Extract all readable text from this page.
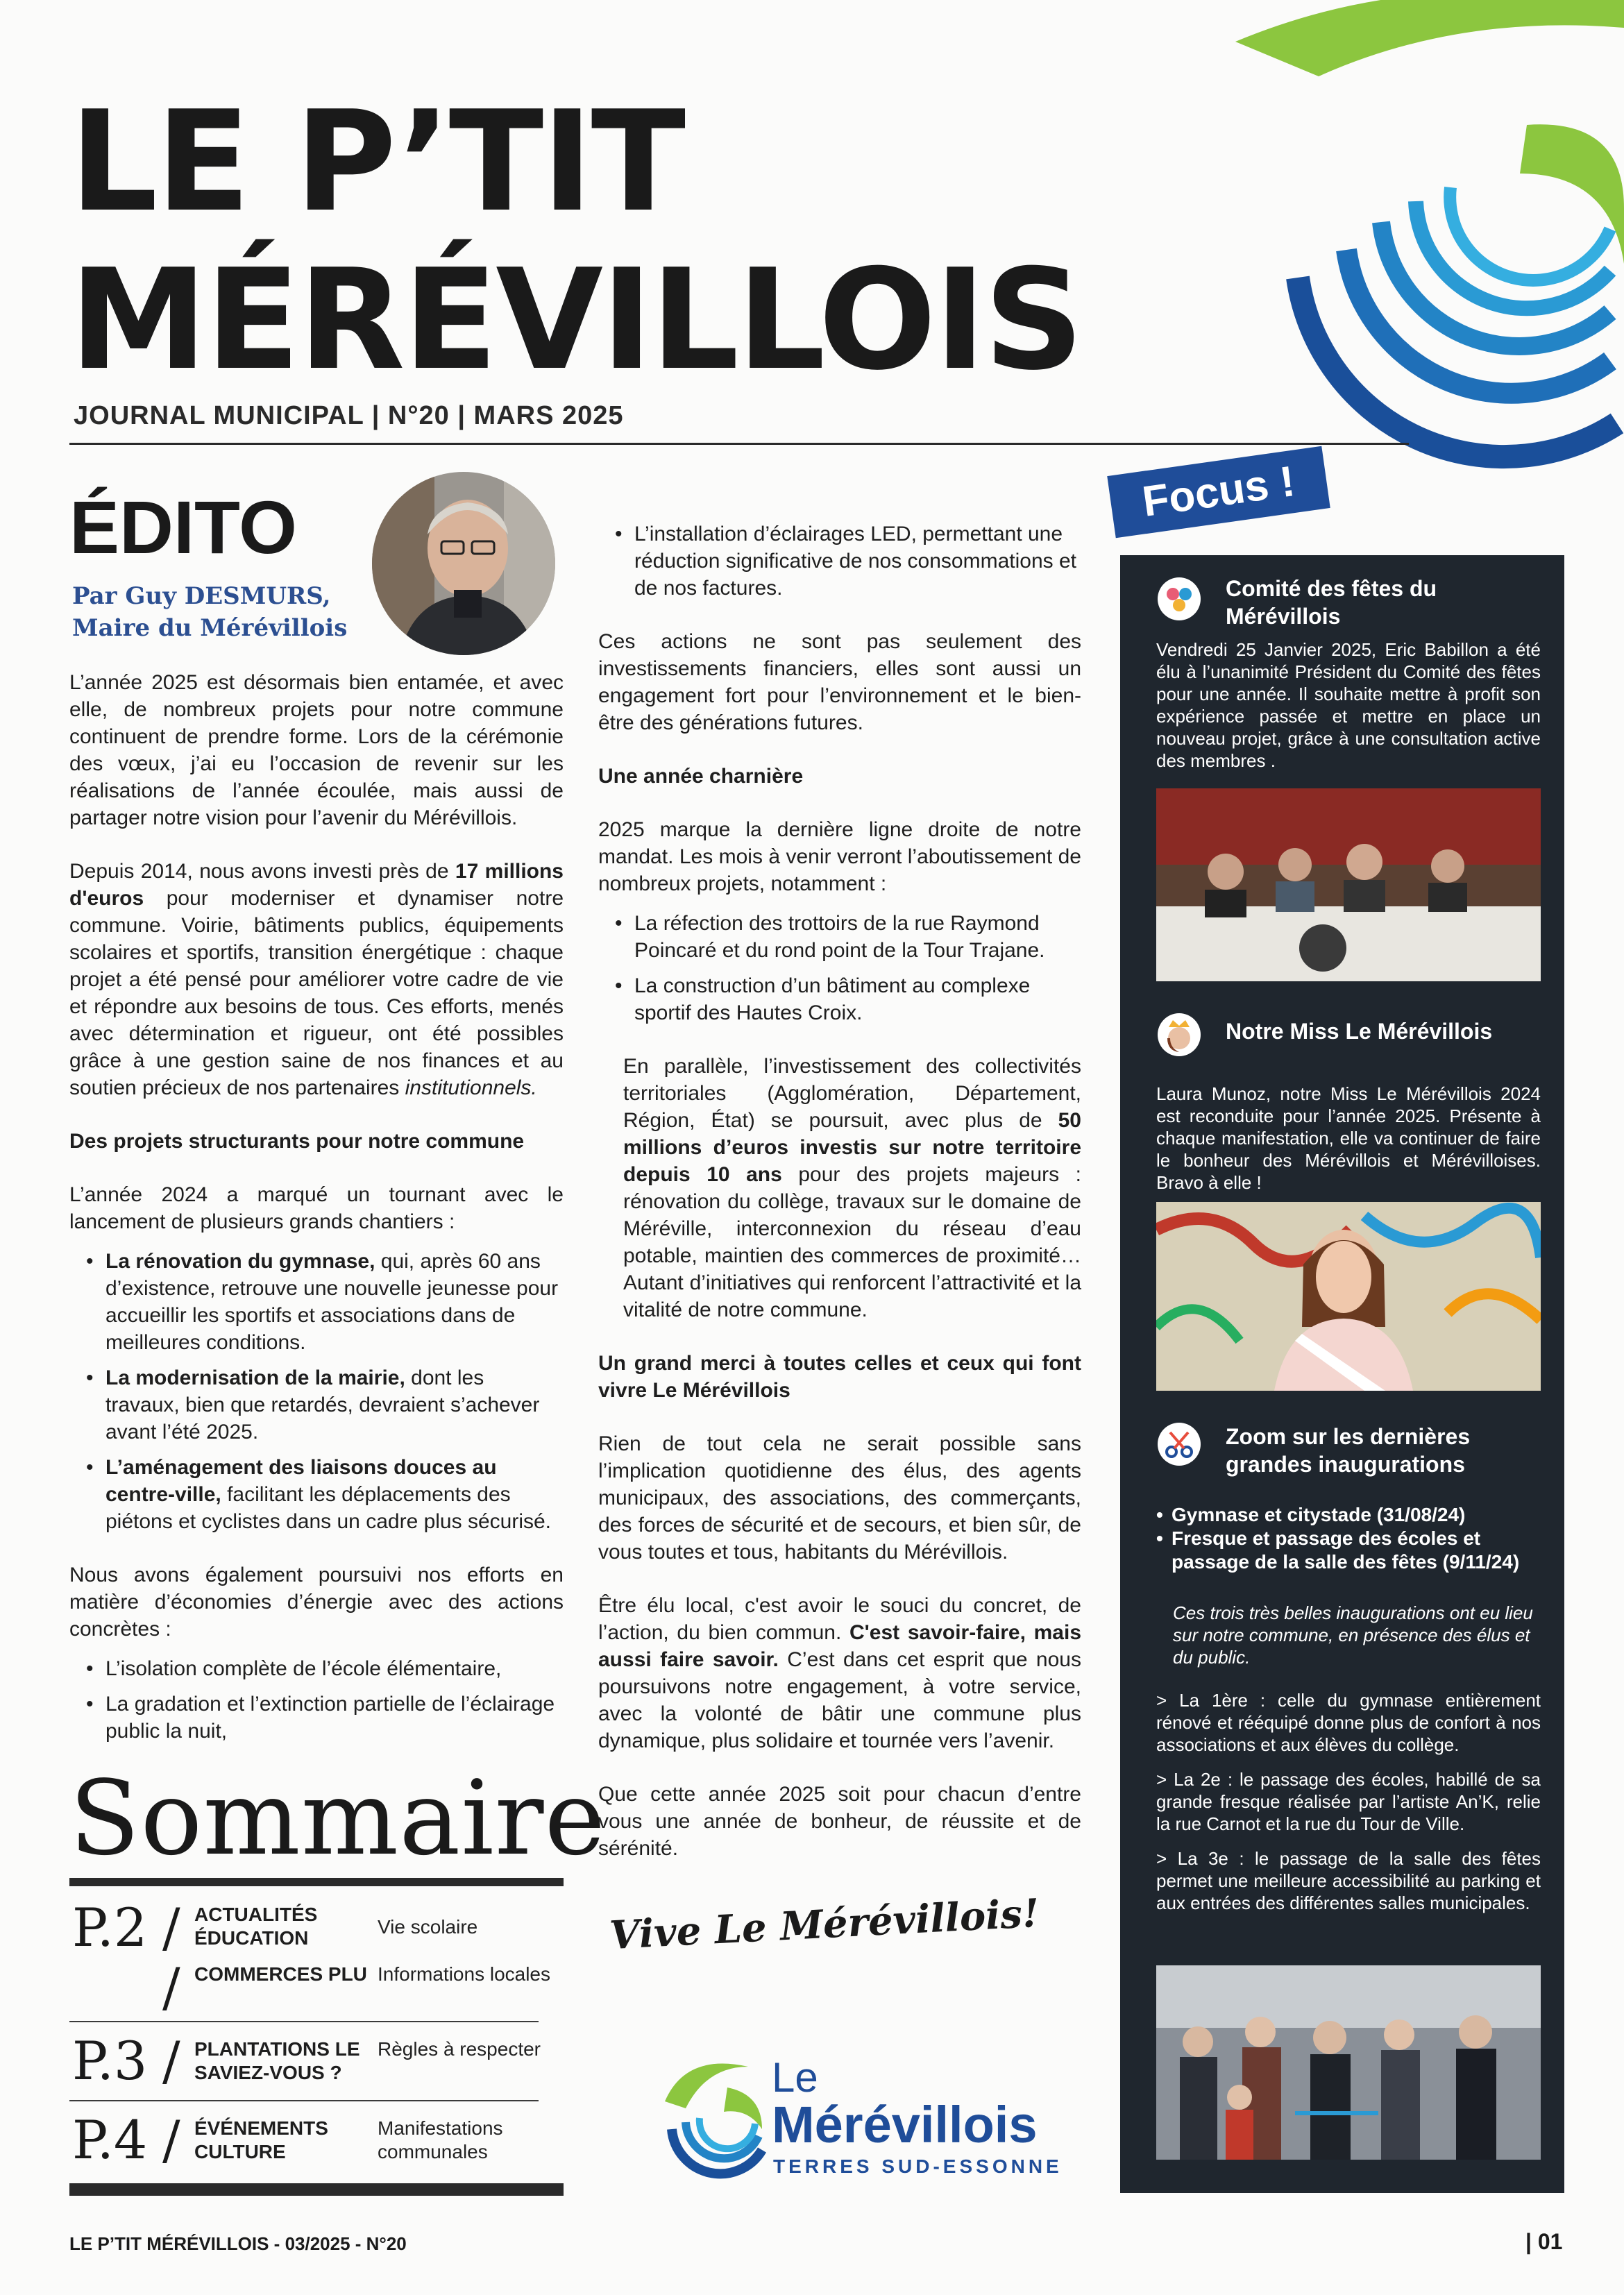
LE P’TIT
MÉRÉVILLOIS
JOURNAL MUNICIPAL | N°20 | MARS 2025
ÉDITO
Par Guy DESMURS,
Maire du Mérévillois

L’année 2025 est désormais bien entamée, et avec elle, de nombreux projets pour notre commune continuent de prendre forme. Lors de la cérémonie des vœux, j’ai eu l’occasion de revenir sur les réalisations de l’année écoulée, mais aussi de partager notre vision pour l’avenir du Mérévillois.

Depuis 2014, nous avons investi près de 17 millions d'euros pour moderniser et dynamiser notre commune. Voirie, bâtiments publics, équipements scolaires et sportifs, transition énergétique : chaque projet a été pensé pour améliorer votre cadre de vie et répondre aux besoins de tous. Ces efforts, menés avec détermination et rigueur, ont été possibles grâce à une gestion saine de nos finances et au soutien précieux de nos partenaires institutionnels.

Des projets structurants pour notre commune

L’année 2024 a marqué un tournant avec le lancement de plusieurs grands chantiers :

• La rénovation du gymnase, qui, après 60 ans d’existence, retrouve une nouvelle jeunesse pour accueillir les sportifs et associations dans de meilleures conditions.
• La modernisation de la mairie, dont les travaux, bien que retardés, devraient s’achever avant l’été 2025.
• L’aménagement des liaisons douces au centre-ville, facilitant les déplacements des piétons et cyclistes dans un cadre plus sécurisé.

Nous avons également poursuivi nos efforts en matière d’économies d’énergie avec des actions concrètes :

• L’isolation complète de l’école élémentaire,
• La gradation et l’extinction partielle de l’éclairage public la nuit,
• L’installation d’éclairages LED, permettant une réduction significative de nos consommations et de nos factures.

Ces actions ne sont pas seulement des investissements financiers, elles sont aussi un engagement fort pour l’environnement et le bien-être des générations futures.

Une année charnière

2025 marque la dernière ligne droite de notre mandat. Les mois à venir verront l’aboutissement de nombreux projets, notamment :

• La réfection des trottoirs de la rue Raymond Poincaré et du rond point de la Tour Trajane.
• La construction d’un bâtiment au complexe sportif des Hautes Croix.

En parallèle, l’investissement des collectivités territoriales (Agglomération, Département, Région, État) se poursuit, avec plus de 50 millions d’euros investis sur notre territoire depuis 10 ans pour des projets majeurs : rénovation du collège, travaux sur le domaine de Méréville, interconnexion du réseau d’eau potable, maintien des commerces de proximité… Autant d’initiatives qui renforcent l’attractivité et la vitalité de notre commune.

Un grand merci à toutes celles et ceux qui font vivre Le Mérévillois

Rien de tout cela ne serait possible sans l’implication quotidienne des élus, des agents municipaux, des associations, des commerçants, des forces de sécurité et de secours, et bien sûr, de vous toutes et tous, habitants du Mérévillois.

Être élu local, c'est avoir le souci du concret, de l’action, du bien commun. C'est savoir-faire, mais aussi faire savoir. C’est dans cet esprit que nous poursuivons notre engagement, à votre service, avec la volonté de bâtir une commune plus dynamique, plus solidaire et tournée vers l’avenir.

Que cette année 2025 soit pour chacun d’entre vous une année de bonheur, de réussite et de sérénité.

Vive Le Mérévillois!
Sommaire
P.2 / ACTUALITÉS ÉDUCATION
Vie scolaire
/ COMMERCES PLU Informations locales
P.3 / PLANTATIONS LE SAVIEZ-VOUS ?
Règles à respecter
P.4 / ÉVÉNEMENTS CULTURE
Manifestations communales
Le
Mérévillois
TERRES SUD-ESSONNE
Comité des fêtes du Mérévillois
Vendredi 25 Janvier 2025, Eric Babillon a été élu à l’unanimité Président du Comité des fêtes pour une année. Il souhaite mettre à profit son expérience passée et mettre en place un nouveau projet, grâce à une consultation active des membres .
Notre Miss Le Mérévillois
Laura Munoz, notre Miss Le Mérévillois 2024 est reconduite pour l’année 2025. Présente à chaque manifestation, elle va continuer de faire le bonheur des Mérévillois et Mérévilloises. Bravo à elle !
Zoom sur les dernières grandes inaugurations
• Gymnase et citystade (31/08/24)
• Fresque et passage des écoles et passage de la salle des fêtes (9/11/24)
Ces trois très belles inaugurations ont eu lieu sur notre commune, en présence des élus et du public.

> La 1ère : celle du gymnase entièrement rénové et rééquipé donne plus de confort à nos associations et aux élèves du collège.

> La 2e : le passage des écoles, habillé de sa grande fresque réalisée par l’artiste An’K, relie la rue Carnot et la rue du Tour de Ville.

> La 3e : le passage de la salle des fêtes permet une meilleure accessibilité au parking et aux entrées des différentes salles municipales.

Focus !
LE P’TIT MÉRÉVILLOIS - 03/2025 - N°20	| 01
